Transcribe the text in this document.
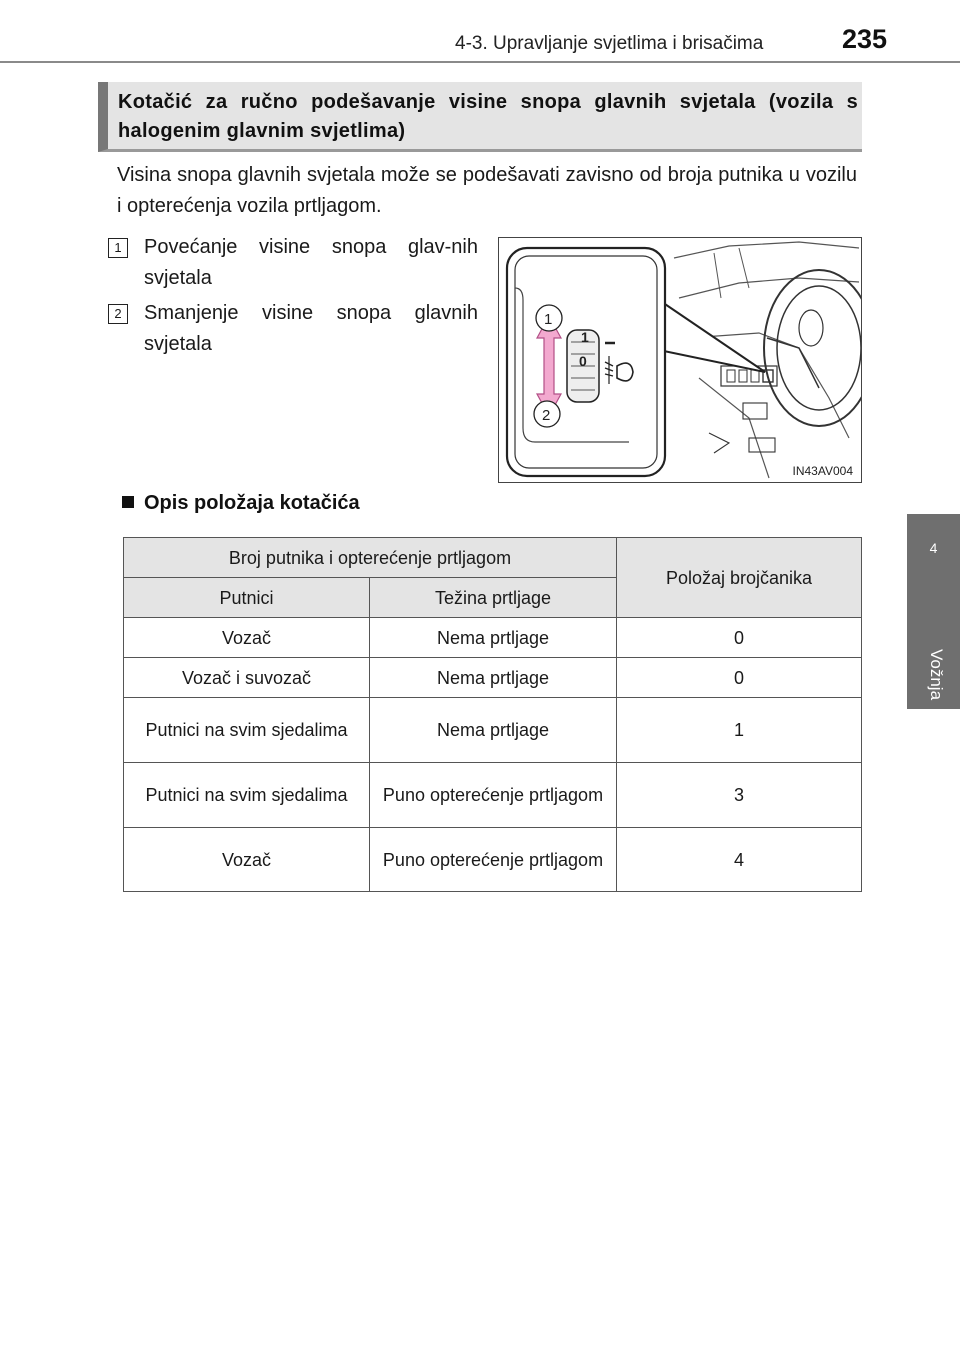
4-3. Upravljanje svjetlima i brisačima	235
4
Vožnja
Kotačić za ručno podešavanje visine snopa glavnih svjetala (vozila s halogenim glavnim svjetlima)
Visina snopa glavnih svjetala može se podešavati zavisno od broja putnika u vozilu i opterećenja vozila prtljagom.
1	Povećanje visine snopa glav-nih svjetala
2	Smanjenje visine snopa glavnih svjetala	1
0
1
2
IN43AV004
Opis položaja kotačića
Broj putnika i opterećenje prtljagom		Položaj brojčanika
Putnici	Težina prtljage	
Vozač	Nema prtljage	0
Vozač i suvozač	Nema prtljage	0
Putnici na svim sjedalima	Nema prtljage	1
Putnici na svim sjedalima	Puno opterećenje prtljagom	3
Vozač	Puno opterećenje prtljagom	4
